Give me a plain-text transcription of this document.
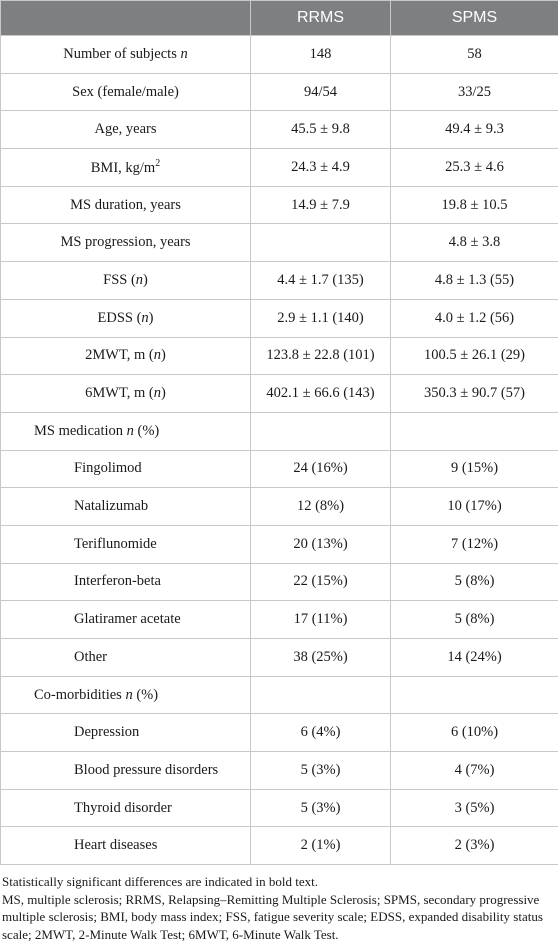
	RRMS	SPMS
Number of subjects n	148	58
Sex (female/male)	94/54	33/25
Age, years	45.5 ± 9.8	49.4 ± 9.3
BMI, $kg/m^2$	24.3 ± 4.9	25.3 ± 4.6
MS duration, years	14.9 ± 7.9	19.8 ± 10.5
MS progression, years		4.8 ± 3.8
FSS (n)	4.4 ± 1.7 (135)	4.8 ± 1.3 (55)
EDSS (n)	2.9 ± 1.1 (140)	4.0 ± 1.2 (56)
2MWT, m (n)	123.8 ± 22.8 (101)	100.5 ± 26.1 (29)
6MWT, m (n)	402.1 ± 66.6 (143)	350.3 ± 90.7 (57)
MS medication n (%)		
Fingolimod	24 (16%)	9 (15%)
Natalizumab	12 (8%)	10 (17%)
Teriflunomide	20 (13%)	7 (12%)
Interferon-beta	22 (15%)	5 (8%)
Glatiramer acetate	17 (11%)	5 (8%)
Other	38 (25%)	14 (24%)
Co-morbidities n (%)		
Depression	6 (4%)	6 (10%)
Blood pressure disorders	5 (3%)	4 (7%)
Thyroid disorder	5 (3%)	3 (5%)
Heart diseases	2 (1%)	2 (3%)

Statistically significant differences are indicated in bold text.

MS, multiple sclerosis; RRMS, Relapsing–Remitting Multiple Sclerosis; SPMS, secondary progressive multiple sclerosis; BMI, body mass index; FSS, fatigue severity scale; EDSS, expanded disability status scale; 2MWT, 2-Minute Walk Test; 6MWT, 6-Minute Walk Test.
